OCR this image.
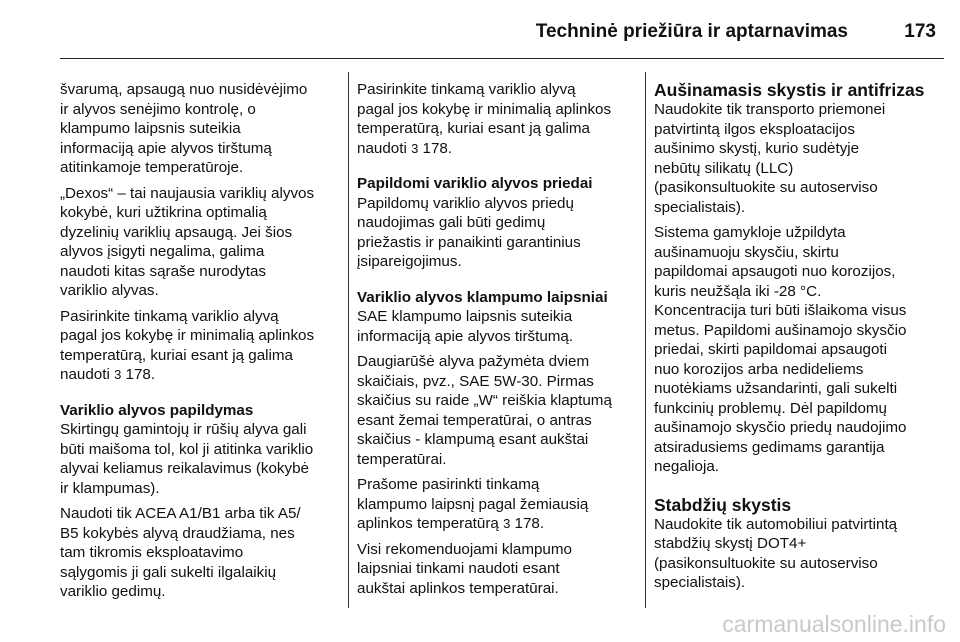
Techninė priežiūra ir aptarnavimas	173

švarumą, apsaugą nuo nusidėvėjimo
ir alyvos senėjimo kontrolę, o
klampumo laipsnis suteikia
informaciją apie alyvos tirštumą
atitinkamoje temperatūroje.

„Dexos“ – tai naujausia variklių alyvos
kokybė, kuri užtikrina optimalią
dyzelinių variklių apsaugą. Jei šios
alyvos įsigyti negalima, galima
naudoti kitas sąraše nurodytas
variklio alyvas.

Pasirinkite tinkamą variklio alyvą
pagal jos kokybę ir minimalią aplinkos
temperatūrą, kuriai esant ją galima
naudoti 3 178.

Variklio alyvos papildymas

Skirtingų gamintojų ir rūšių alyva gali
būti maišoma tol, kol ji atitinka variklio
alyvai keliamus reikalavimus (kokybė
ir klampumas).

Naudoti tik ACEA A1/B1 arba tik A5/
B5 kokybės alyvą draudžiama, nes
tam tikromis eksploatavimo
sąlygomis ji gali sukelti ilgalaikių
variklio gedimų.

Pasirinkite tinkamą variklio alyvą
pagal jos kokybę ir minimalią aplinkos
temperatūrą, kuriai esant ją galima
naudoti 3 178.

Papildomi variklio alyvos priedai

Papildomų variklio alyvos priedų
naudojimas gali būti gedimų
priežastis ir panaikinti garantinius
įsipareigojimus.

Variklio alyvos klampumo laipsniai

SAE klampumo laipsnis suteikia
informaciją apie alyvos tirštumą.

Daugiarūšė alyva pažymėta dviem
skaičiais, pvz., SAE 5W-30. Pirmas
skaičius su raide „W“ reiškia klaptumą
esant žemai temperatūrai, o antras
skaičius - klampumą esant aukštai
temperatūrai.

Prašome pasirinkti tinkamą
klampumo laipsnį pagal žemiausią
aplinkos temperatūrą 3 178.

Visi rekomenduojami klampumo
laipsniai tinkami naudoti esant
aukštai aplinkos temperatūrai.

Aušinamasis skystis ir antifrizas

Naudokite tik transporto priemonei
patvirtintą ilgos eksploatacijos
aušinimo skystį, kurio sudėtyje
nebūtų silikatų (LLC)
(pasikonsultuokite su autoserviso
specialistais).

Sistema gamykloje užpildyta
aušinamuoju skysčiu, skirtu
papildomai apsaugoti nuo korozijos,
kuris neužšąla iki -28 °C.
Koncentracija turi būti išlaikoma visus
metus. Papildomi aušinamojo skysčio
priedai, skirti papildomai apsaugoti
nuo korozijos arba nedideliems
nuotėkiams užsandarinti, gali sukelti
funkcinių problemų. Dėl papildomų
aušinamojo skysčio priedų naudojimo
atsiradusiems gedimams garantija
negalioja.

Stabdžių skystis

Naudokite tik automobiliui patvirtintą
stabdžių skystį DOT4+
(pasikonsultuokite su autoserviso
specialistais).

carmanualsonline.info
